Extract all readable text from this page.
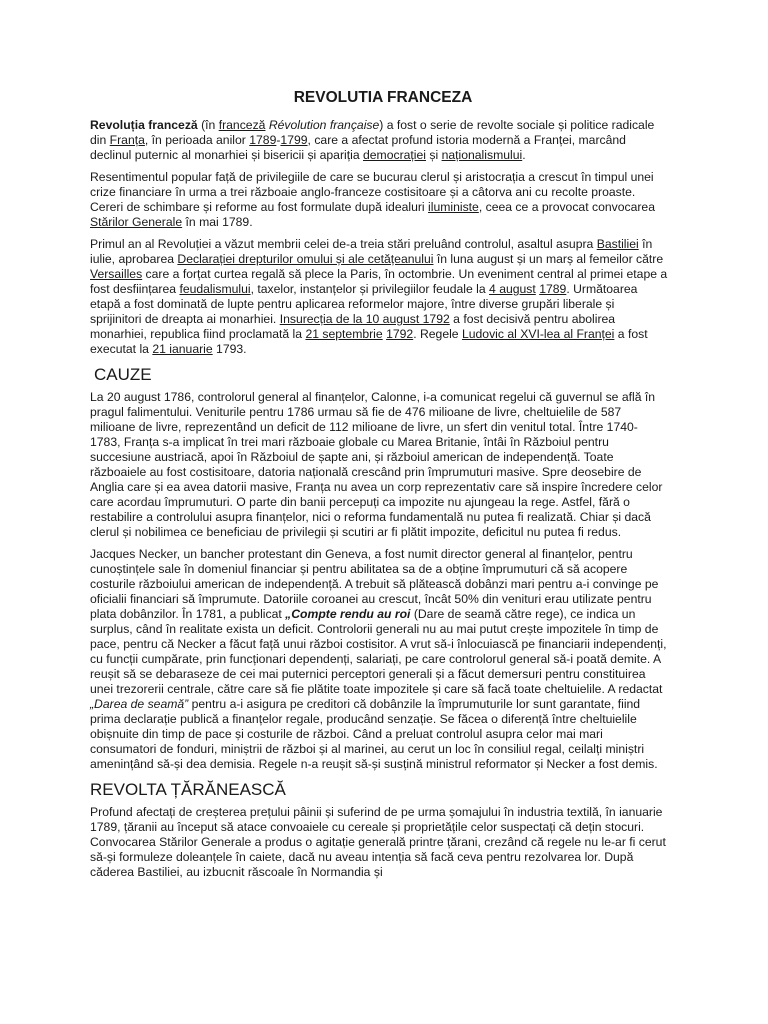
REVOLUTIA FRANCEZA

Revoluția franceză (în franceză Révolution française) a fost o serie de revolte sociale și politice radicale din Franța, în perioada anilor 1789-1799, care a afectat profund istoria modernă a Franței, marcând declinul puternic al monarhiei și bisericii și apariția democrației și naționalismului.

Resentimentul popular față de privilegiile de care se bucurau clerul și aristocrația a crescut în timpul unei crize financiare în urma a trei războaie anglo-franceze costisitoare și a câtorva ani cu recolte proaste. Cereri de schimbare și reforme au fost formulate după idealuri iluministe, ceea ce a provocat convocarea Stărilor Generale în mai 1789.

Primul an al Revoluției a văzut membrii celei de-a treia stări preluând controlul, asaltul asupra Bastiliei în iulie, aprobarea Declarației drepturilor omului și ale cetățeanului în luna august și un marș al femeilor către Versailles care a forțat curtea regală să plece la Paris, în octombrie. Un eveniment central al primei etape a fost desființarea feudalismului, taxelor, instanțelor și privilegiilor feudale la 4 august 1789. Următoarea etapă a fost dominată de lupte pentru aplicarea reformelor majore, între diverse grupări liberale și sprijinitori de dreapta ai monarhiei. Insurecția de la 10 august 1792 a fost decisivă pentru abolirea monarhiei, republica fiind proclamată la 21 septembrie 1792. Regele Ludovic al XVI-lea al Franței a fost executat la 21 ianuarie 1793.

CAUZE

La 20 august 1786, controlorul general al finanțelor, Calonne, i-a comunicat regelui că guvernul se află în pragul falimentului. Veniturile pentru 1786 urmau să fie de 476 milioane de livre, cheltuielile de 587 milioane de livre, reprezentând un deficit de 112 milioane de livre, un sfert din venitul total. Între 1740-1783, Franța s-a implicat în trei mari războaie globale cu Marea Britanie, întâi în Războiul pentru succesiune austriacă, apoi în Războiul de șapte ani, și războiul american de independență. Toate războaiele au fost costisitoare, datoria națională crescând prin împrumuturi masive. Spre deosebire de Anglia care și ea avea datorii masive, Franța nu avea un corp reprezentativ care să inspire încredere celor care acordau împrumuturi. O parte din banii percepuți ca impozite nu ajungeau la rege. Astfel, fără o restabilire a controlului asupra finanțelor, nici o reforma fundamentală nu putea fi realizată. Chiar și dacă clerul și nobilimea ce beneficiau de privilegii și scutiri ar fi plătit impozite, deficitul nu putea fi redus.

Jacques Necker, un bancher protestant din Geneva, a fost numit director general al finanțelor, pentru cunoștințele sale în domeniul financiar și pentru abilitatea sa de a obține împrumuturi că să acopere costurile războiului american de independență. A trebuit să plătească dobânzi mari pentru a-i convinge pe oficialii financiari să împrumute. Datoriile coroanei au crescut, încât 50% din venituri erau utilizate pentru plata dobânzilor. În 1781, a publicat „Compte rendu au roi (Dare de seamă către rege), ce indica un surplus, când în realitate exista un deficit. Controlorii generali nu au mai putut crește impozitele în timp de pace, pentru că Necker a făcut față unui război costisitor. A vrut să-i înlocuiască pe financiarii independenți, cu funcții cumpărate, prin funcționari dependenți, salariați, pe care controlorul general să-i poată demite. A reușit să se debaraseze de cei mai puternici perceptori generali și a făcut demersuri pentru constituirea unei trezorerii centrale, către care să fie plătite toate impozitele și care să facă toate cheltuielile. A redactat „Darea de seamă” pentru a-i asigura pe creditori că dobânzile la împrumuturile lor sunt garantate, fiind prima declarație publică a finanțelor regale, producând senzație. Se făcea o diferență între cheltuielile obișnuite din timp de pace și costurile de război. Când a preluat controlul asupra celor mai mari consumatori de fonduri, miniștrii de război și al marinei, au cerut un loc în consiliul regal, ceilalți miniștri amenințând să-și dea demisia. Regele n-a reușit să-și susțină ministrul reformator și Necker a fost demis.

REVOLTA ȚĂRĂNEASCĂ

Profund afectați de creșterea prețului pâinii și suferind de pe urma șomajului în industria textilă, în ianuarie 1789, țăranii au început să atace convoaiele cu cereale și proprietățile celor suspectați că dețin stocuri. Convocarea Stărilor Generale a produs o agitație generală printre țărani, crezând că regele nu le-ar fi cerut să-și formuleze doleanțele în caiete, dacă nu aveau intenția să facă ceva pentru rezolvarea lor. După căderea Bastiliei, au izbucnit răscoale în Normandia și
